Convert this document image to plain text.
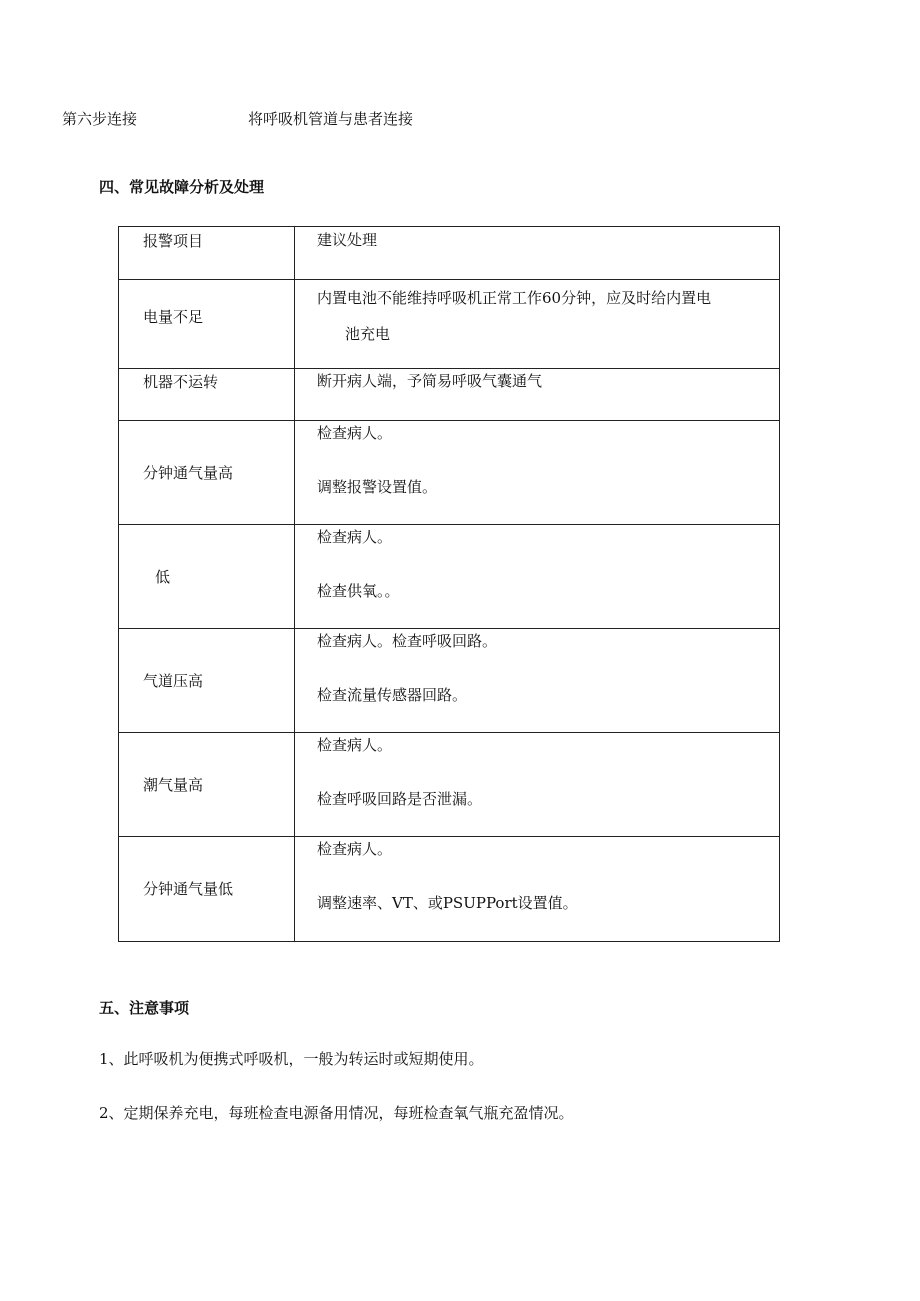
第六步连接	将呼吸机管道与患者连接
四、常见故障分析及处理
报警项目	建议处理

电量不足	内置电池不能维持呼吸机正常工作60分钟，应及时给内置电
池充电

机器不运转	断开病人端，予简易呼吸气囊通气

分钟通气量高	检查病人。
调整报警设置值。

低	检查病人。
检查供氧。。

气道压高	检查病人。检查呼吸回路。
检查流量传感器回路。

潮气量高	检查病人。
检查呼吸回路是否泄漏。

分钟通气量低	检查病人。
调整速率、VT、或PSUPPort设置值。
五、注意事项
1、此呼吸机为便携式呼吸机，一般为转运时或短期使用。
2、定期保养充电，每班检查电源备用情况，每班检查氧气瓶充盈情况。
